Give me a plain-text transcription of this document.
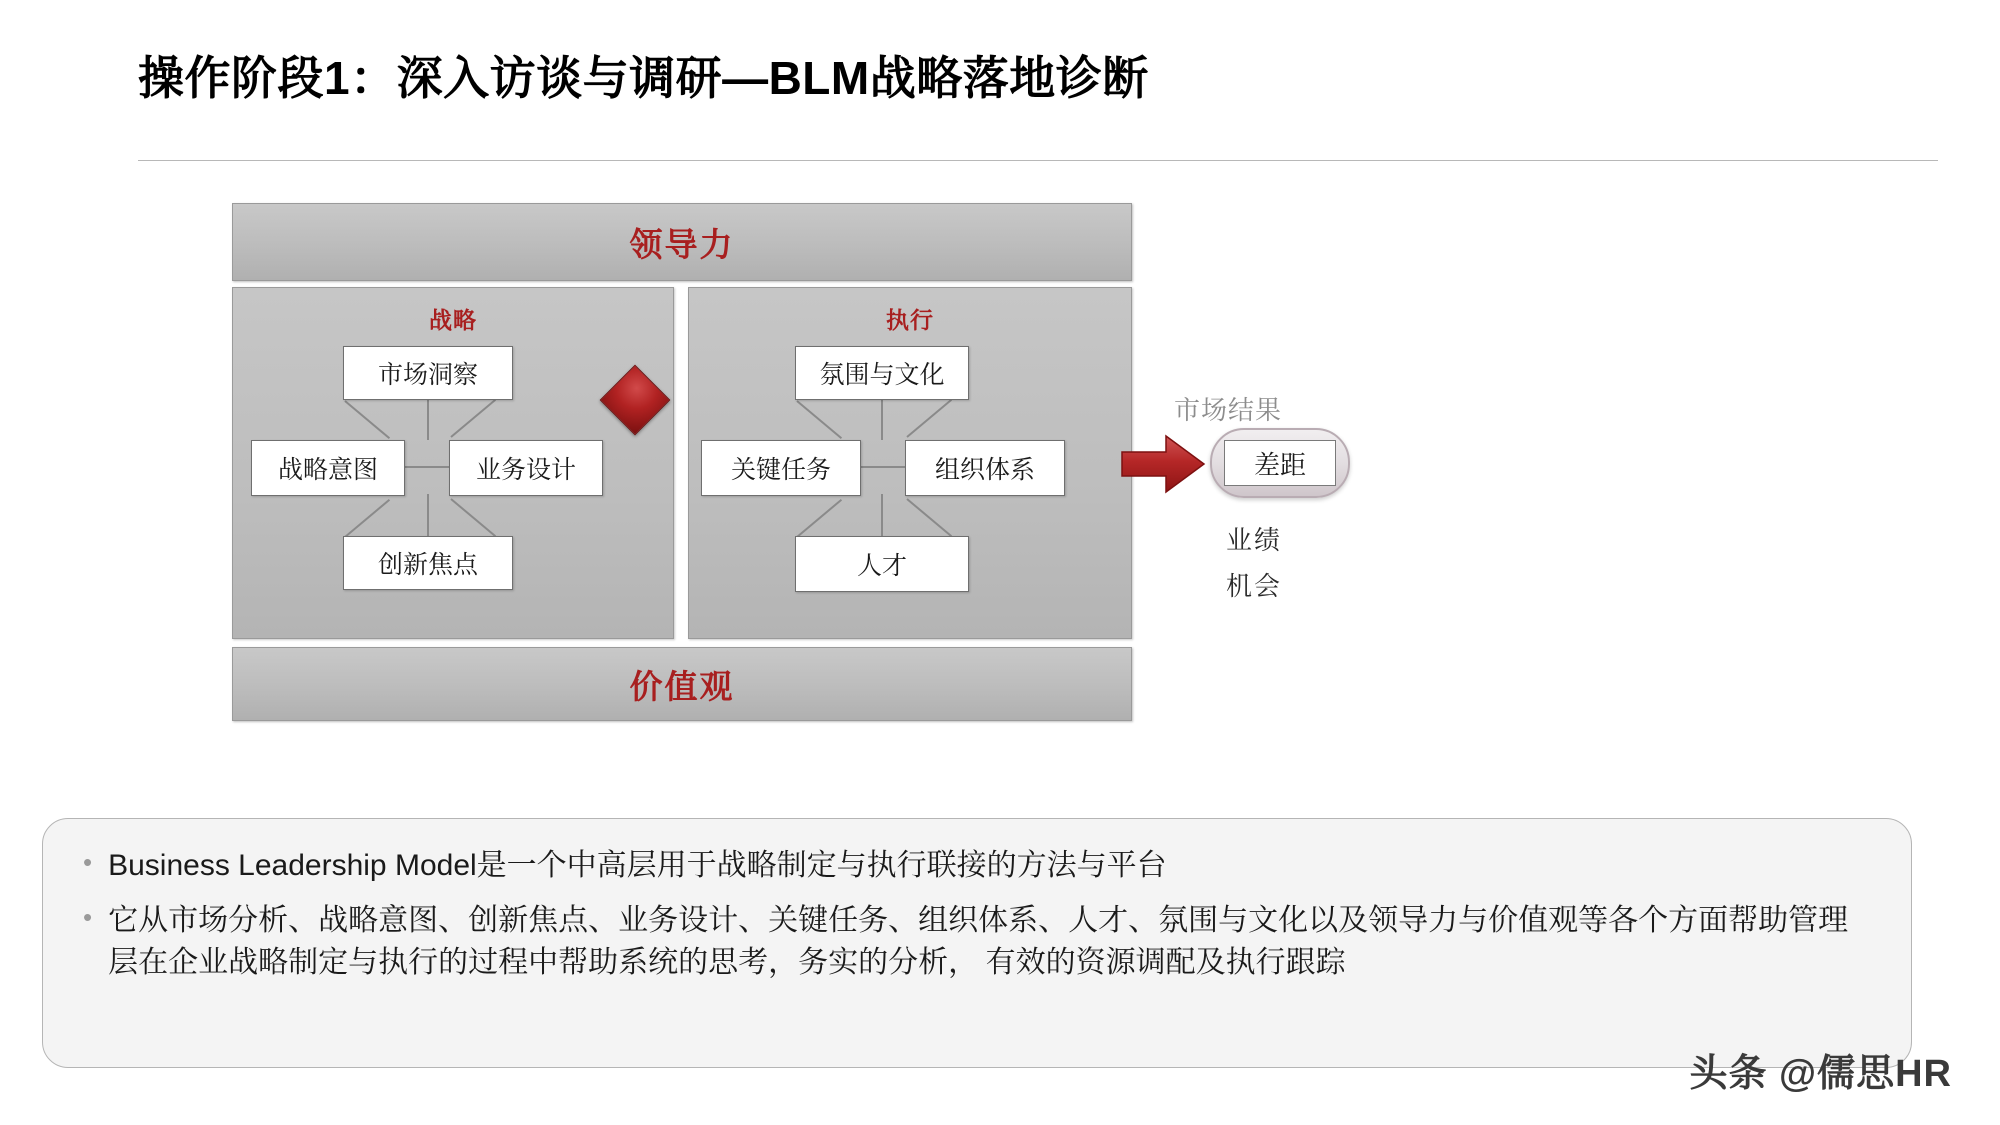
操作阶段1：深入访谈与调研—BLM战略落地诊断
领导力
战略
市场洞察
战略意图	业务设计
创新焦点
执行
氛围与文化
关键任务	组织体系
人才
价值观
市场结果
差距
业绩
机会
• Business Leadership Model是一个中高层用于战略制定与执行联接的方法与平台
• 它从市场分析、战略意图、创新焦点、业务设计、关键任务、组织体系、人才、氛围与文化以及领导力与价值观等各个方面帮助管理层在企业战略制定与执行的过程中帮助系统的思考，务实的分析， 有效的资源调配及执行跟踪
头条 @儒思HR
